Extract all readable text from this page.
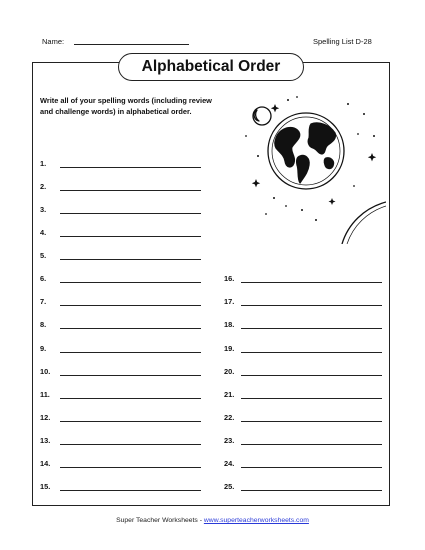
Name:	Spelling List D-28
Alphabetical Order
Write all of your spelling words (including review and challenge words) in alphabetical order.
1.
2.
3.
4.
5.
6.
7.
8.
9.
10.
11.
12.
13.
14.
15.
16.
17.
18.
19.
20.
21.
22.
23.
24.
25.
Super Teacher Worksheets - www.superteacherworksheets.com
